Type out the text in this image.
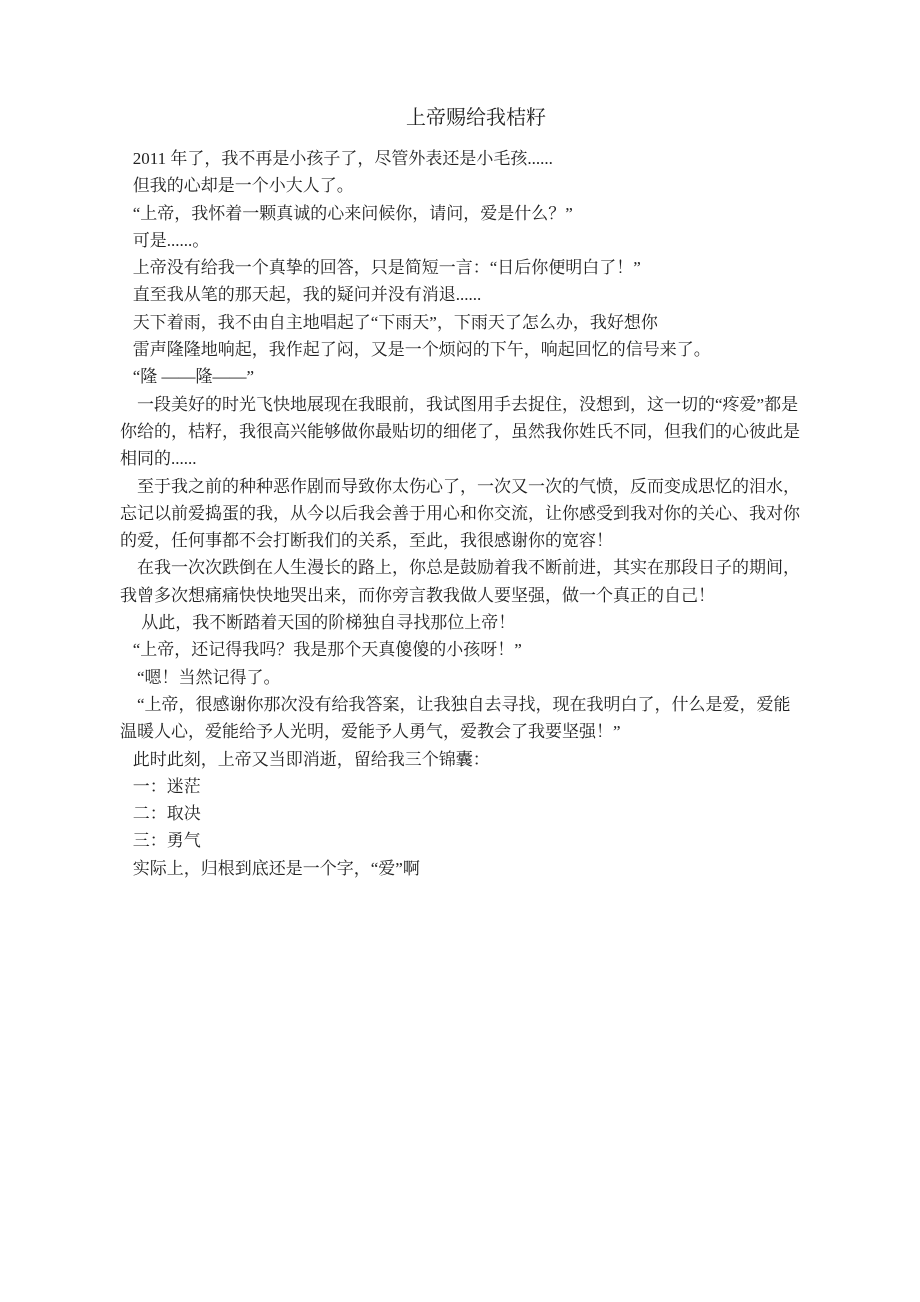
上帝赐给我桔籽
2011 年了，我不再是小孩子了，尽管外表还是小毛孩......
但我的心却是一个小大人了。
“上帝，我怀着一颗真诚的心来问候你，请问，爱是什么？”
可是......。
上帝没有给我一个真挚的回答，只是简短一言：“日后你便明白了！”
直至我从笔的那天起，我的疑问并没有消退......
天下着雨，我不由自主地唱起了“下雨天”，下雨天了怎么办，我好想你
雷声隆隆地响起，我作起了闷，又是一个烦闷的下午，响起回忆的信号来了。
“隆 ——隆——”
一段美好的时光飞快地展现在我眼前，我试图用手去捉住，没想到，这一切的“疼爱”都是
你给的，桔籽，我很高兴能够做你最贴切的细佬了，虽然我你姓氏不同，但我们的心彼此是
相同的......
至于我之前的种种恶作剧而导致你太伤心了，一次又一次的气愤，反而变成思忆的泪水，
忘记以前爱捣蛋的我，从今以后我会善于用心和你交流，让你感受到我对你的关心、我对你
的爱，任何事都不会打断我们的关系，至此，我很感谢你的宽容！
在我一次次跌倒在人生漫长的路上，你总是鼓励着我不断前进，其实在那段日子的期间，
我曾多次想痛痛快快地哭出来，而你旁言教我做人要坚强，做一个真正的自己！
从此，我不断踏着天国的阶梯独自寻找那位上帝！
“上帝，还记得我吗？我是那个天真傻傻的小孩呀！”
“嗯！当然记得了。
“上帝，很感谢你那次没有给我答案，让我独自去寻找，现在我明白了，什么是爱，爱能
温暖人心，爱能给予人光明，爱能予人勇气，爱教会了我要坚强！”
此时此刻，上帝又当即消逝，留给我三个锦囊：
一：迷茫
二：取决
三：勇气
实际上，归根到底还是一个字，“爱”啊
